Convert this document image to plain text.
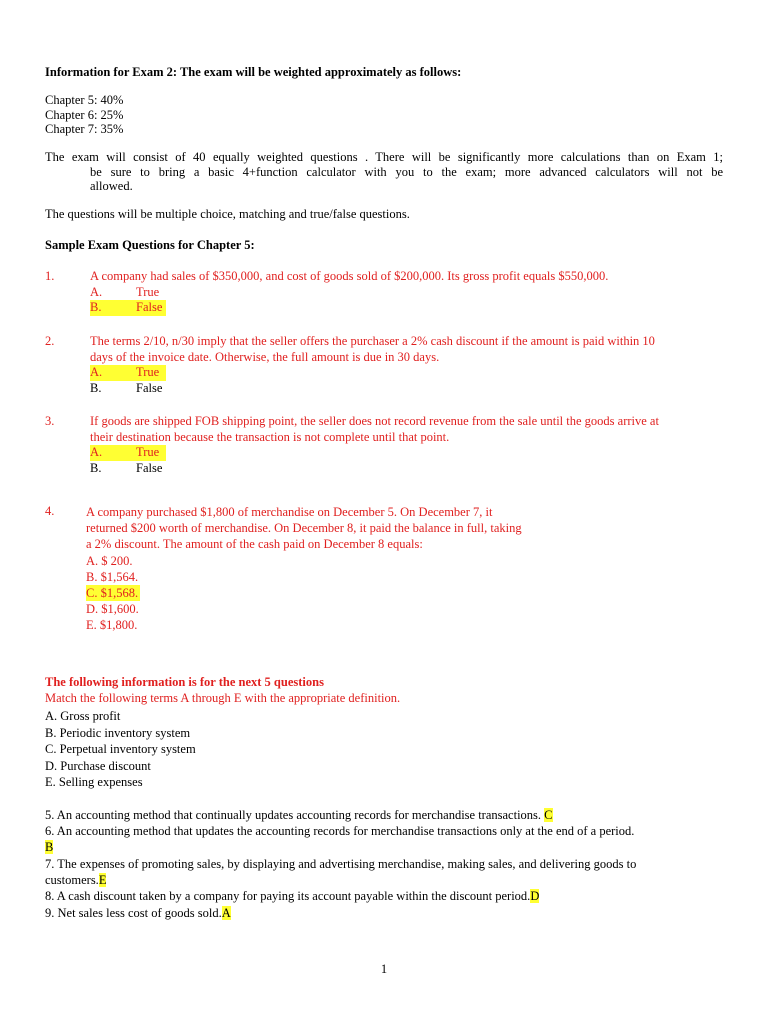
Information for Exam 2: The exam will be weighted approximately as follows:
Chapter 5: 40%
Chapter 6: 25%
Chapter 7: 35%
The exam will consist of 40 equally weighted questions . There will be significantly more calculations than on Exam 1;
be sure to bring a basic 4+function calculator with you to the exam; more advanced calculators will not be
allowed.
The questions will be multiple choice, matching and true/false questions.
Sample Exam Questions for Chapter 5:
1.	A company had sales of $350,000, and cost of goods sold of $200,000. Its gross profit equals $550,000.
A.	True
B.	False
2.	The terms 2/10, n/30 imply that the seller offers the purchaser a 2% cash discount if the amount is paid within 10
days of the invoice date. Otherwise, the full amount is due in 30 days.
A.	True
B.	False
3.	If goods are shipped FOB shipping point, the seller does not record revenue from the sale until the goods arrive at
their destination because the transaction is not complete until that point.
A.	True
B.	False
4.	A company purchased $1,800 of merchandise on December 5. On December 7, it
returned $200 worth of merchandise. On December 8, it paid the balance in full, taking
a 2% discount. The amount of the cash paid on December 8 equals:
A. $ 200.
B. $1,564.
C. $1,568.
D. $1,600.
E. $1,800.
The following information is for the next 5 questions
Match the following terms A through E with the appropriate definition.
A. Gross profit
B. Periodic inventory system
C. Perpetual inventory system
D. Purchase discount
E. Selling expenses
5. An accounting method that continually updates accounting records for merchandise transactions. C
6. An accounting method that updates the accounting records for merchandise transactions only at the end of a period.
B
7. The expenses of promoting sales, by displaying and advertising merchandise, making sales, and delivering goods to
customers.E
8. A cash discount taken by a company for paying its account payable within the discount period.D
9. Net sales less cost of goods sold.A
1
